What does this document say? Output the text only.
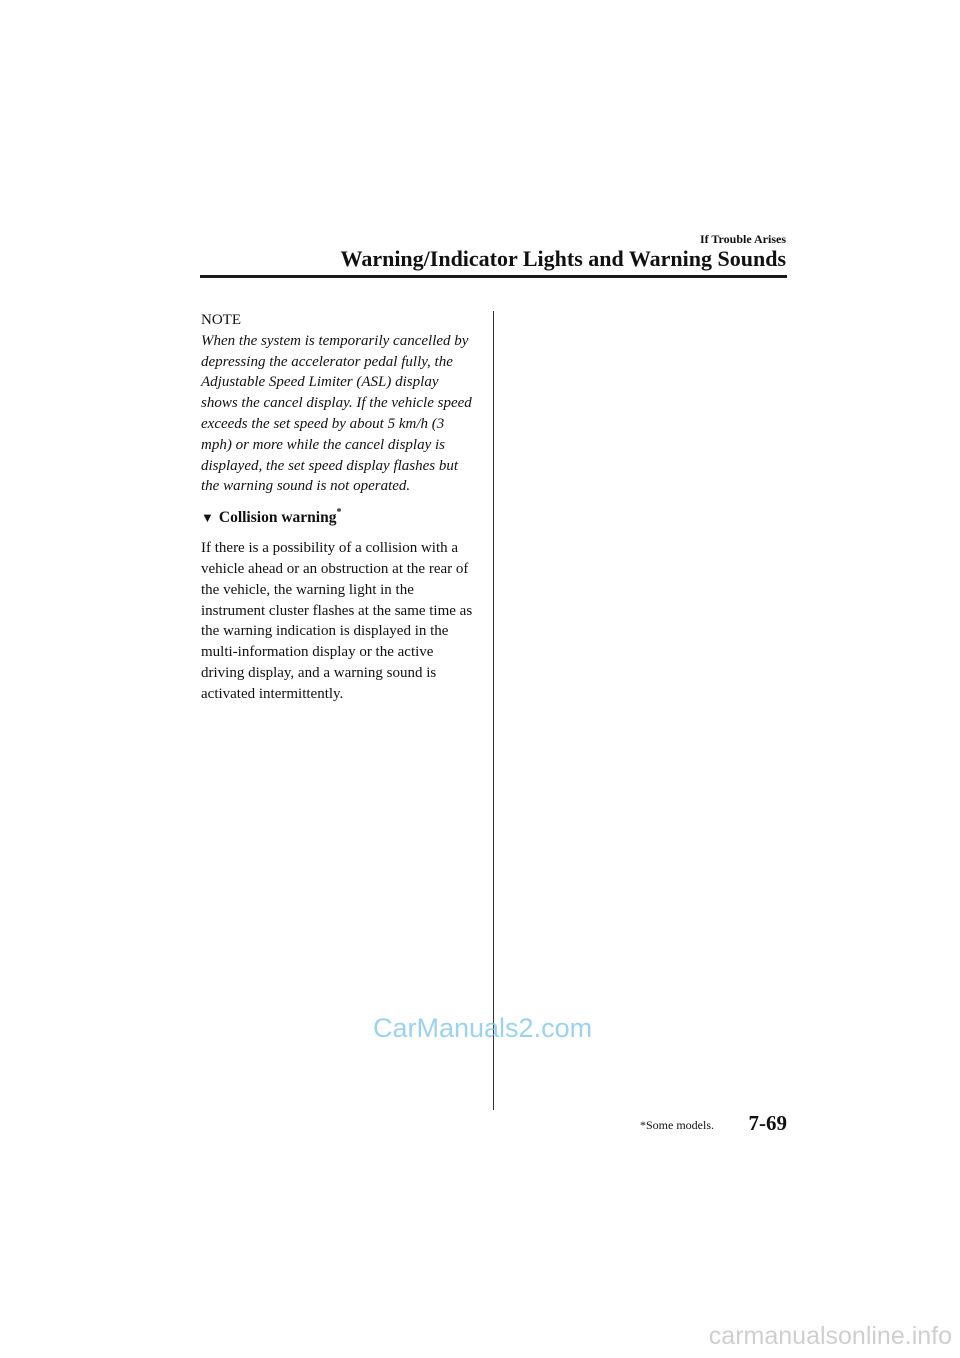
If Trouble Arises
Warning/Indicator Lights and Warning Sounds
NOTE
When the system is temporarily cancelled by depressing the accelerator pedal fully, the Adjustable Speed Limiter (ASL) display shows the cancel display. If the vehicle speed exceeds the set speed by about 5 km/h (3 mph) or more while the cancel display is displayed, the set speed display flashes but the warning sound is not operated.
▼ Collision warning*
If there is a possibility of a collision with a vehicle ahead or an obstruction at the rear of the vehicle, the warning light in the instrument cluster flashes at the same time as the warning indication is displayed in the multi-information display or the active driving display, and a warning sound is activated intermittently.
CarManuals2.com
*Some models. 7-69
carmanualsonline.info
